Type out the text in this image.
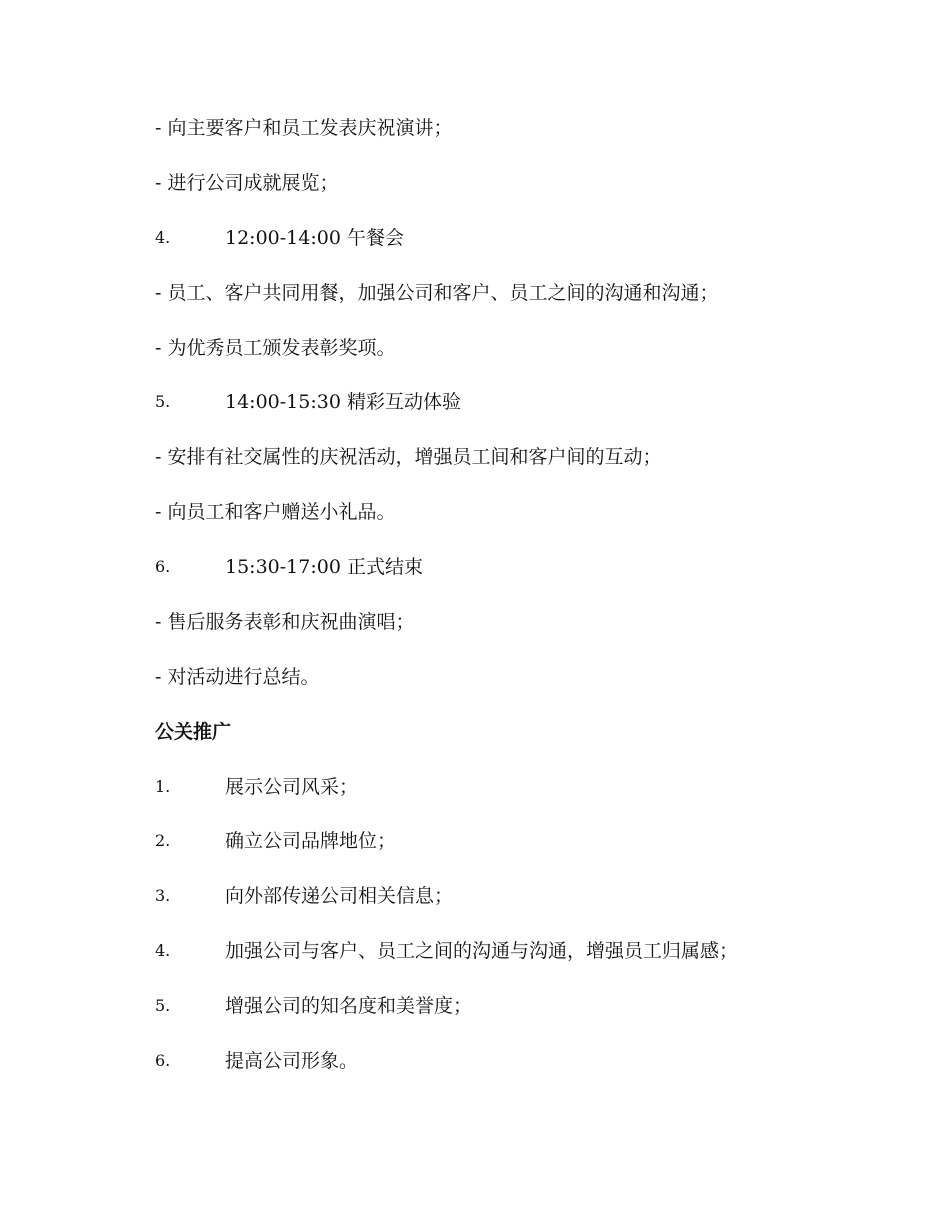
- 向主要客户和员工发表庆祝演讲；
- 进行公司成就展览；
4.	12:00-14:00 午餐会
- 员工、客户共同用餐，加强公司和客户、员工之间的沟通和沟通；
- 为优秀员工颁发表彰奖项。
5.	14:00-15:30 精彩互动体验
- 安排有社交属性的庆祝活动，增强员工间和客户间的互动；
- 向员工和客户赠送小礼品。
6.	15:30-17:00 正式结束
- 售后服务表彰和庆祝曲演唱；
- 对活动进行总结。
公关推广
1.	展示公司风采；
2.	确立公司品牌地位；
3.	向外部传递公司相关信息；
4.	加强公司与客户、员工之间的沟通与沟通，增强员工归属感；
5.	增强公司的知名度和美誉度；
6.	提高公司形象。
